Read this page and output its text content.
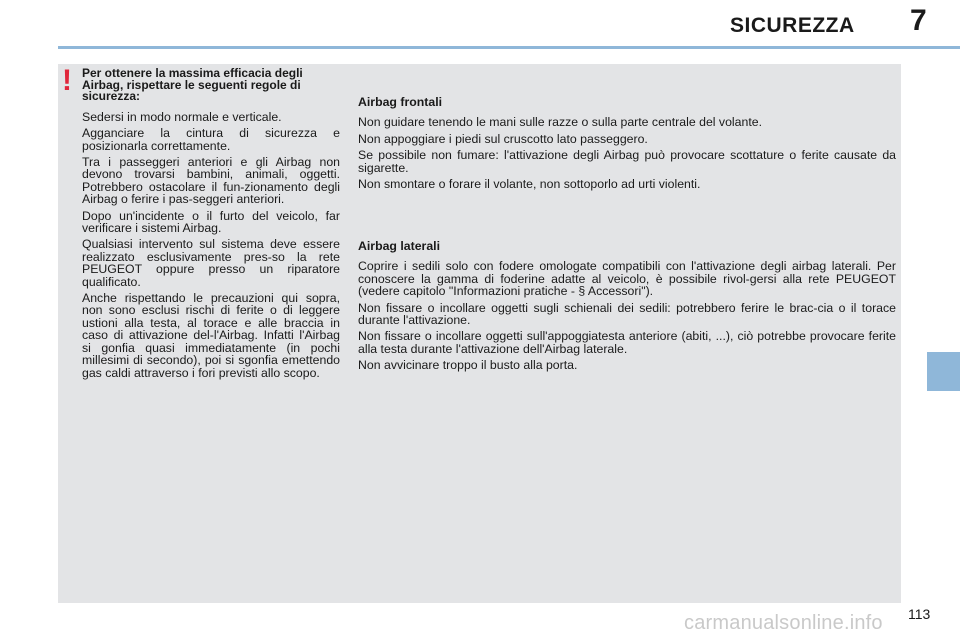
SICUREZZA 7
! Per ottenere la massima efficacia degli Airbag, rispettare le seguenti regole di sicurezza:

Sedersi in modo normale e verticale.

Agganciare la cintura di sicurezza e posizionarla correttamente.

Tra i passeggeri anteriori e gli Airbag non devono trovarsi bambini, animali, oggetti. Potrebbero ostacolare il fun-zionamento degli Airbag o ferire i pas-seggeri anteriori.

Dopo un'incidente o il furto del veicolo, far verificare i sistemi Airbag.

Qualsiasi intervento sul sistema deve essere realizzato esclusivamente pres-so la rete PEUGEOT oppure presso un riparatore qualificato.

Anche rispettando le precauzioni qui sopra, non sono esclusi rischi di ferite o di leggere ustioni alla testa, al torace e alle braccia in caso di attivazione del-l'Airbag. Infatti l'Airbag si gonfia quasi immediatamente (in pochi millesimi di secondo), poi si sgonfia emettendo gas caldi attraverso i fori previsti allo scopo.

Airbag frontali

Non guidare tenendo le mani sulle razze o sulla parte centrale del volante.

Non appoggiare i piedi sul cruscotto lato passeggero.

Se possibile non fumare: l'attivazione degli Airbag può provocare scottature o ferite causate da sigarette.

Non smontare o forare il volante, non sottoporlo ad urti violenti.

Airbag laterali

Coprire i sedili solo con fodere omologate compatibili con l'attivazione degli airbag laterali. Per conoscere la gamma di foderine adatte al veicolo, è possibile rivol-gersi alla rete PEUGEOT (vedere capitolo "Informazioni pratiche - § Accessori").

Non fissare o incollare oggetti sugli schienali dei sedili: potrebbero ferire le brac-cia o il torace durante l'attivazione.

Non fissare o incollare oggetti sull'appoggiatesta anteriore (abiti, ...), ciò potrebbe provocare ferite alla testa durante l'attivazione dell'Airbag laterale.

Non avvicinare troppo il busto alla porta.

113
carmanualsonline.info
